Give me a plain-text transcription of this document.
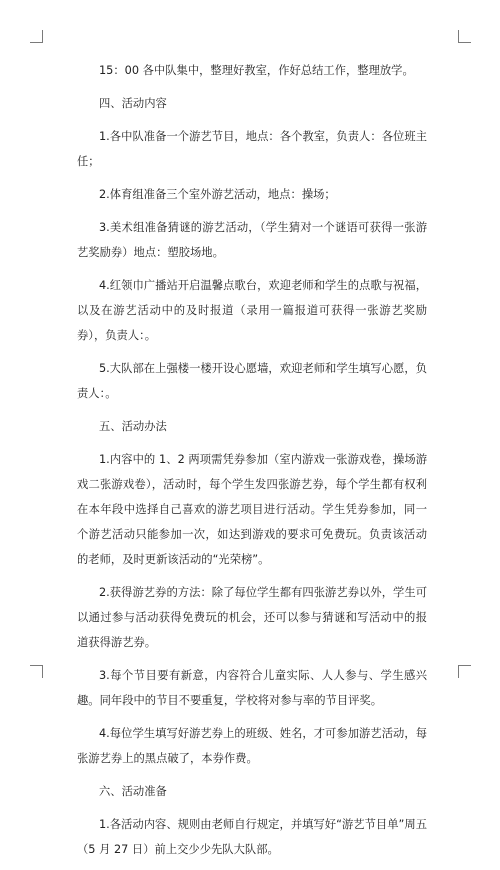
15：00 各中队集中，整理好教室，作好总结工作，整理放学。

四、活动内容

1.各中队准备一个游艺节目，地点：各个教室，负责人：各位班主任；

2.体育组准备三个室外游艺活动，地点：操场；

3.美术组准备猜谜的游艺活动，（学生猜对一个谜语可获得一张游艺奖励券）地点：塑胶场地。

4.红领巾广播站开启温馨点歌台，欢迎老师和学生的点歌与祝福，以及在游艺活动中的及时报道（录用一篇报道可获得一张游艺奖励券），负责人：。

5.大队部在上强楼一楼开设心愿墙，欢迎老师和学生填写心愿，负责人：。

五、活动办法

1.内容中的 1、2 两项需凭券参加（室内游戏一张游戏卷，操场游戏二张游戏卷），活动时，每个学生发四张游艺券，每个学生都有权利在本年段中选择自己喜欢的游艺项目进行活动。学生凭券参加，同一个游艺活动只能参加一次，如达到游戏的要求可免费玩。负责该活动的老师，及时更新该活动的“光荣榜”。

2.获得游艺券的方法：除了每位学生都有四张游艺券以外，学生可以通过参与活动获得免费玩的机会，还可以参与猜谜和写活动中的报道获得游艺券。

3.每个节目要有新意，内容符合儿童实际、人人参与、学生感兴趣。同年段中的节目不要重复，学校将对参与率的节目评奖。

4.每位学生填写好游艺券上的班级、姓名，才可参加游艺活动，每张游艺券上的黑点破了，本券作费。

六、活动准备

1.各活动内容、规则由老师自行规定，并填写好“游艺节目单”周五（5 月 27 日）前上交少少先队大队部。
